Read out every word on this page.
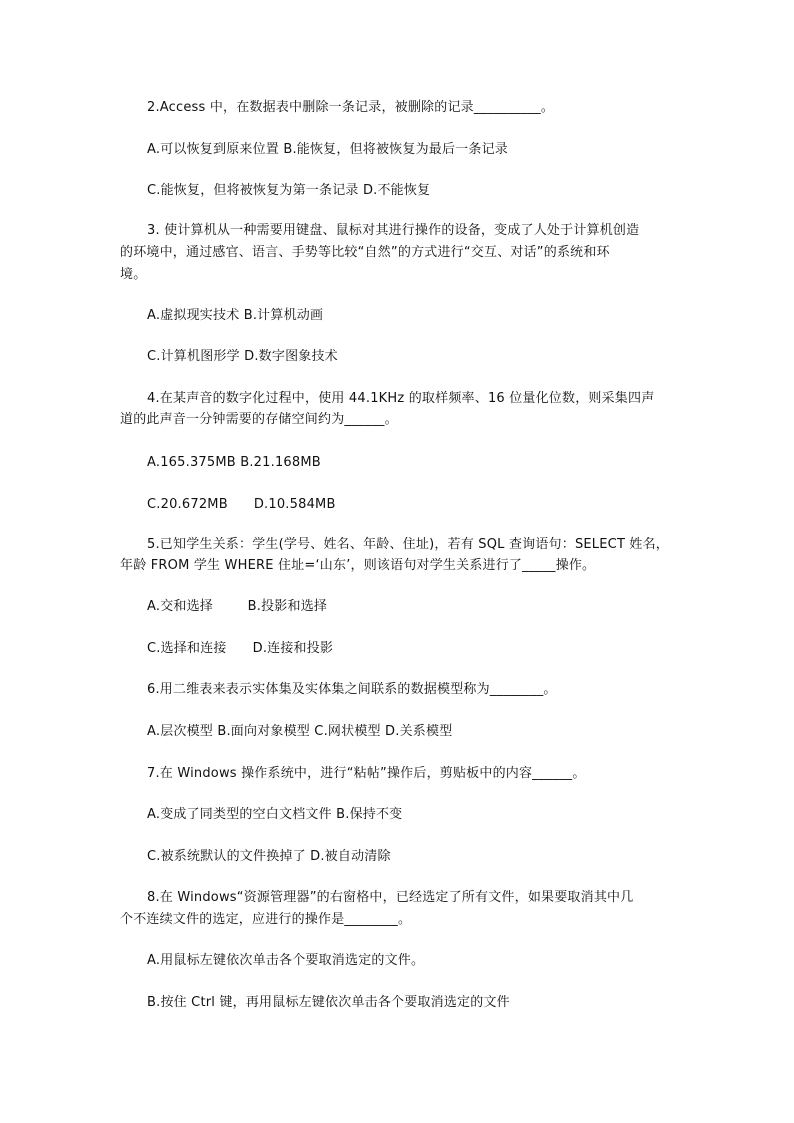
2.Access 中，在数据表中删除一条记录，被删除的记录__________。
A.可以恢复到原来位置 B.能恢复，但将被恢复为最后一条记录
C.能恢复，但将被恢复为第一条记录 D.不能恢复
3. 使计算机从一种需要用键盘、鼠标对其进行操作的设备，变成了人处于计算机创造
的环境中，通过感官、语言、手势等比较“自然”的方式进行“交互、对话”的系统和环
境。
A.虚拟现实技术 B.计算机动画
C.计算机图形学 D.数字图象技术
4.在某声音的数字化过程中，使用 44.1KHz 的取样频率、16 位量化位数，则采集四声
道的此声音一分钟需要的存储空间约为______。
A.165.375MB B.21.168MB
C.20.672MB      D.10.584MB
5.已知学生关系：学生(学号、姓名、年龄、住址)，若有 SQL 查询语句：SELECT 姓名，
年龄 FROM 学生 WHERE 住址=‘山东’，则该语句对学生关系进行了_____操作。
A.交和选择        B.投影和选择
C.选择和连接      D.连接和投影
6.用二维表来表示实体集及实体集之间联系的数据模型称为________。
A.层次模型 B.面向对象模型 C.网状模型 D.关系模型
7.在 Windows 操作系统中，进行“粘帖”操作后，剪贴板中的内容______。
A.变成了同类型的空白文档文件 B.保持不变
C.被系统默认的文件换掉了 D.被自动清除
8.在 Windows“资源管理器”的右窗格中，已经选定了所有文件，如果要取消其中几
个不连续文件的选定，应进行的操作是________。
A.用鼠标左键依次单击各个要取消选定的文件。
B.按住 Ctrl 键，再用鼠标左键依次单击各个要取消选定的文件
